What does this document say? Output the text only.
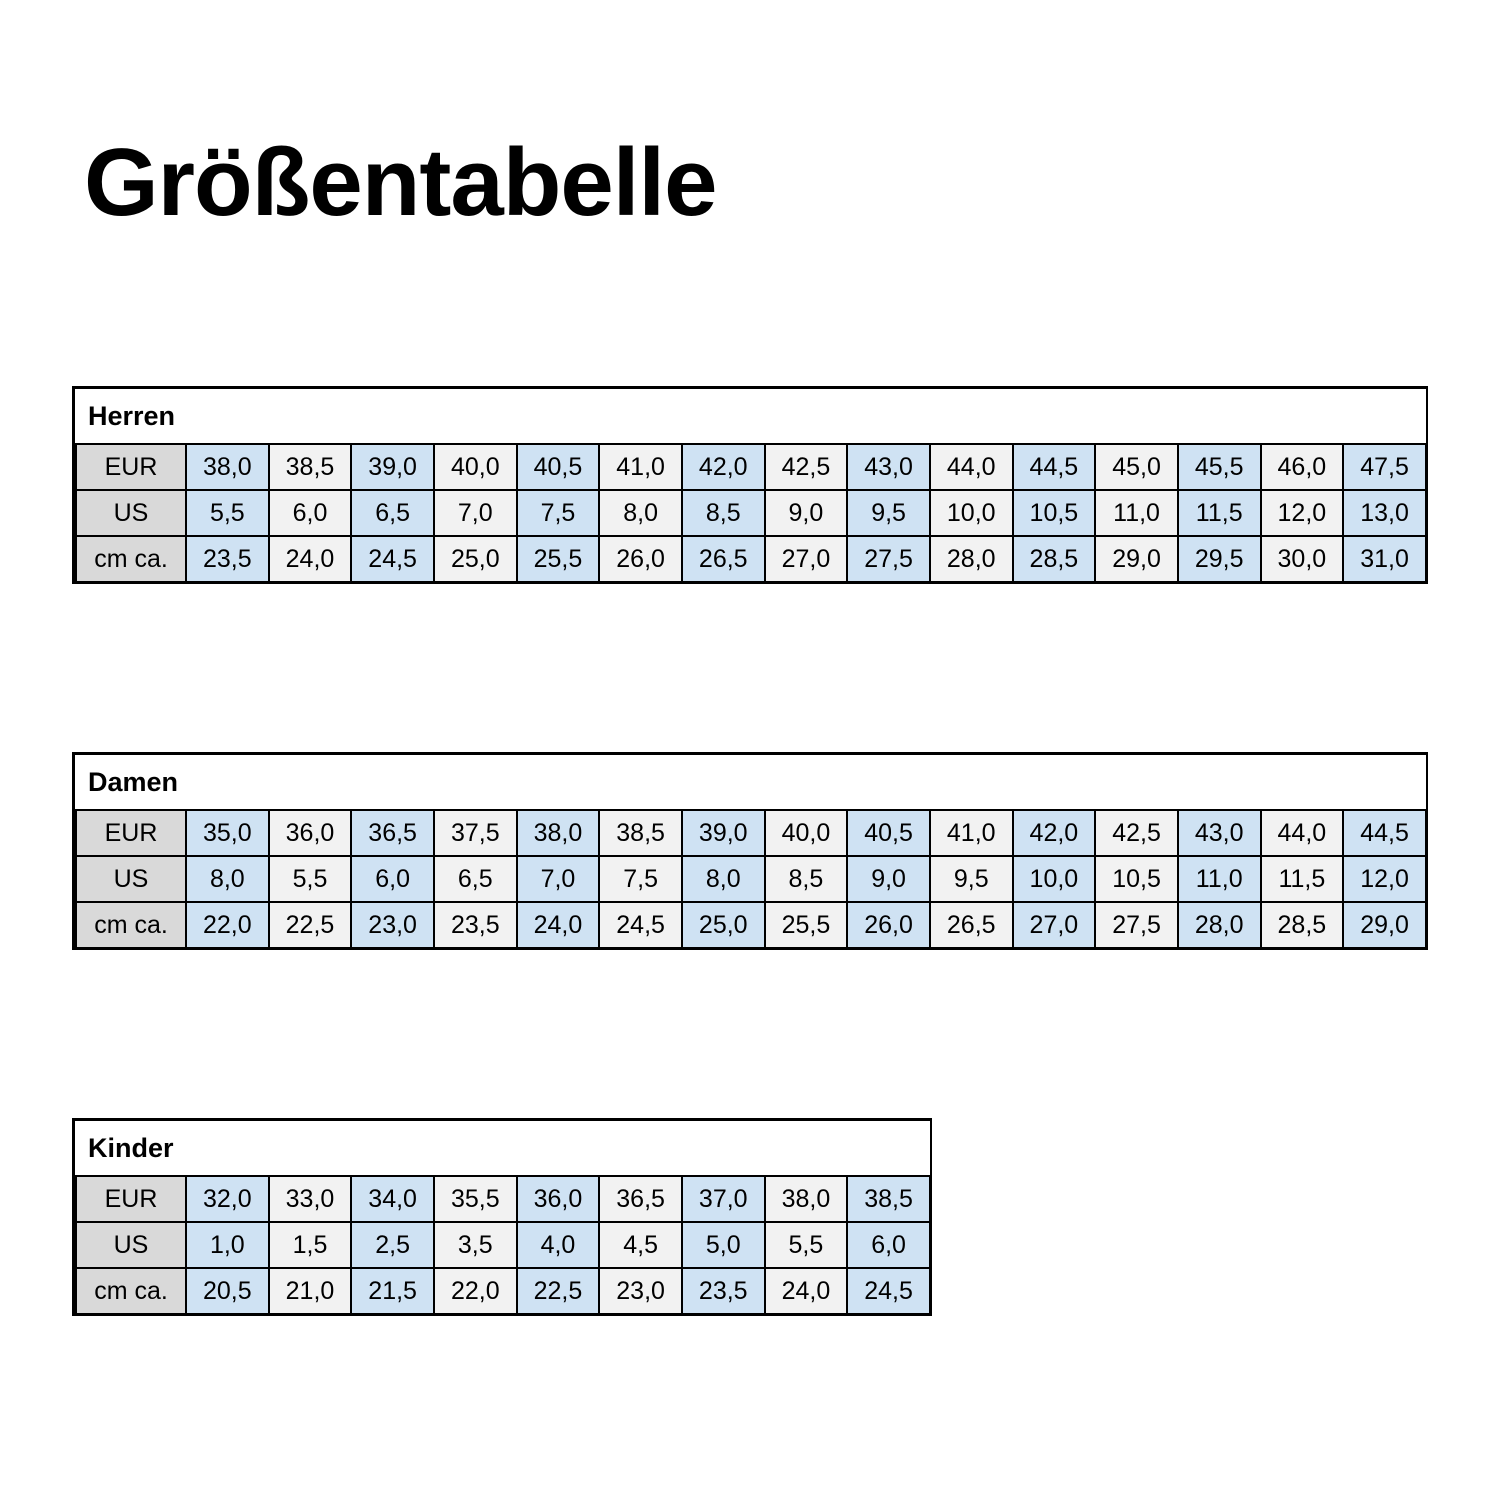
Größentabelle
Herren															
EUR	38,0	38,5	39,0	40,0	40,5	41,0	42,0	42,5	43,0	44,0	44,5	45,0	45,5	46,0	47,5
US	5,5	6,0	6,5	7,0	7,5	8,0	8,5	9,0	9,5	10,0	10,5	11,0	11,5	12,0	13,0
cm ca.	23,5	24,0	24,5	25,0	25,5	26,0	26,5	27,0	27,5	28,0	28,5	29,0	29,5	30,0	31,0
Damen															
EUR	35,0	36,0	36,5	37,5	38,0	38,5	39,0	40,0	40,5	41,0	42,0	42,5	43,0	44,0	44,5
US	8,0	5,5	6,0	6,5	7,0	7,5	8,0	8,5	9,0	9,5	10,0	10,5	11,0	11,5	12,0
cm ca.	22,0	22,5	23,0	23,5	24,0	24,5	25,0	25,5	26,0	26,5	27,0	27,5	28,0	28,5	29,0
Kinder									
EUR	32,0	33,0	34,0	35,5	36,0	36,5	37,0	38,0	38,5
US	1,0	1,5	2,5	3,5	4,0	4,5	5,0	5,5	6,0
cm ca.	20,5	21,0	21,5	22,0	22,5	23,0	23,5	24,0	24,5
